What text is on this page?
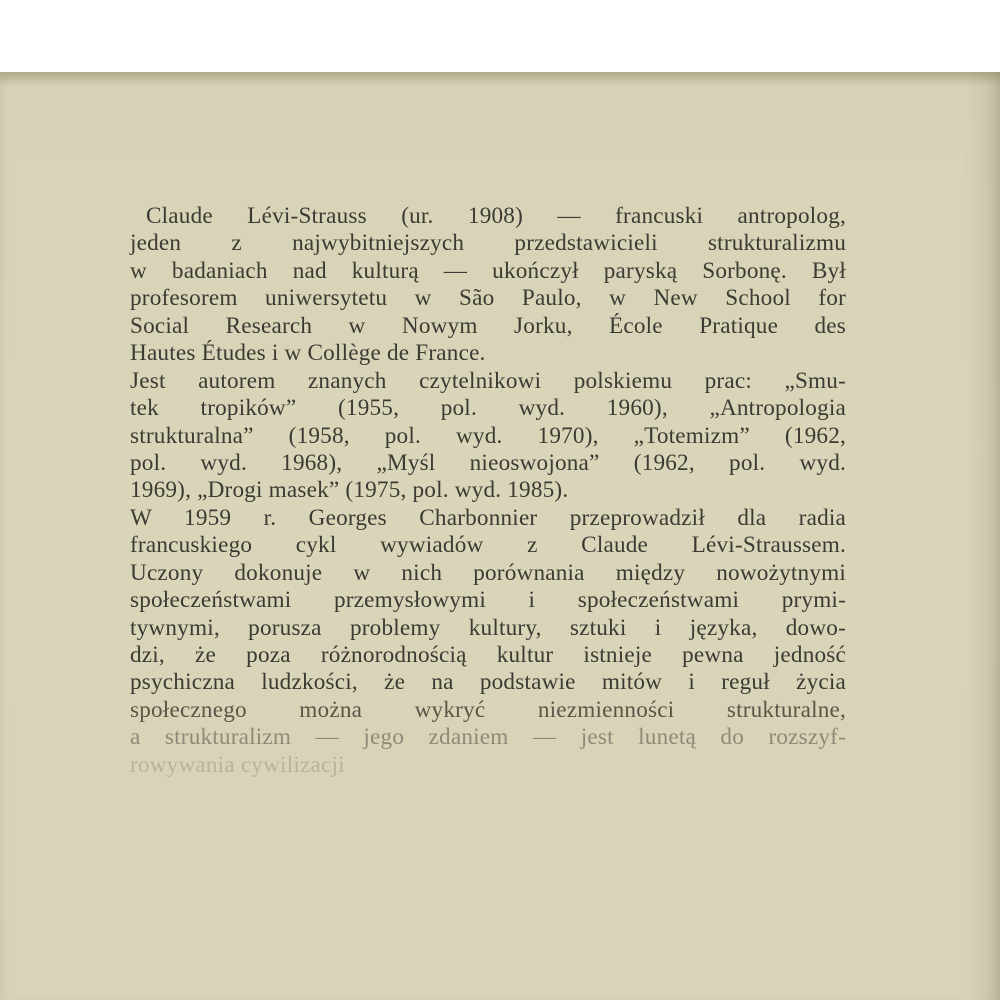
Claude Lévi-Strauss (ur. 1908) — francuski antropolog,
jeden z najwybitniejszych przedstawicieli strukturalizmu
w badaniach nad kulturą — ukończył paryską Sorbonę. Był
profesorem uniwersytetu w São Paulo, w New School for
Social Research w Nowym Jorku, École Pratique des
Hautes Études i w Collège de France.
Jest autorem znanych czytelnikowi polskiemu prac: „Smu-
tek tropików” (1955, pol. wyd. 1960), „Antropologia
strukturalna” (1958, pol. wyd. 1970), „Totemizm” (1962,
pol. wyd. 1968), „Myśl nieoswojona” (1962, pol. wyd.
1969), „Drogi masek” (1975, pol. wyd. 1985).
W 1959 r. Georges Charbonnier przeprowadził dla radia
francuskiego cykl wywiadów z Claude Lévi-Straussem.
Uczony dokonuje w nich porównania między nowożytnymi
społeczeństwami przemysłowymi i społeczeństwami prymi-
tywnymi, porusza problemy kultury, sztuki i języka, dowo-
dzi, że poza różnorodnością kultur istnieje pewna jedność
psychiczna ludzkości, że na podstawie mitów i reguł życia
społecznego można wykryć niezmienności strukturalne,
a strukturalizm — jego zdaniem — jest lunetą do rozszyf-
rowywania cywilizacji
